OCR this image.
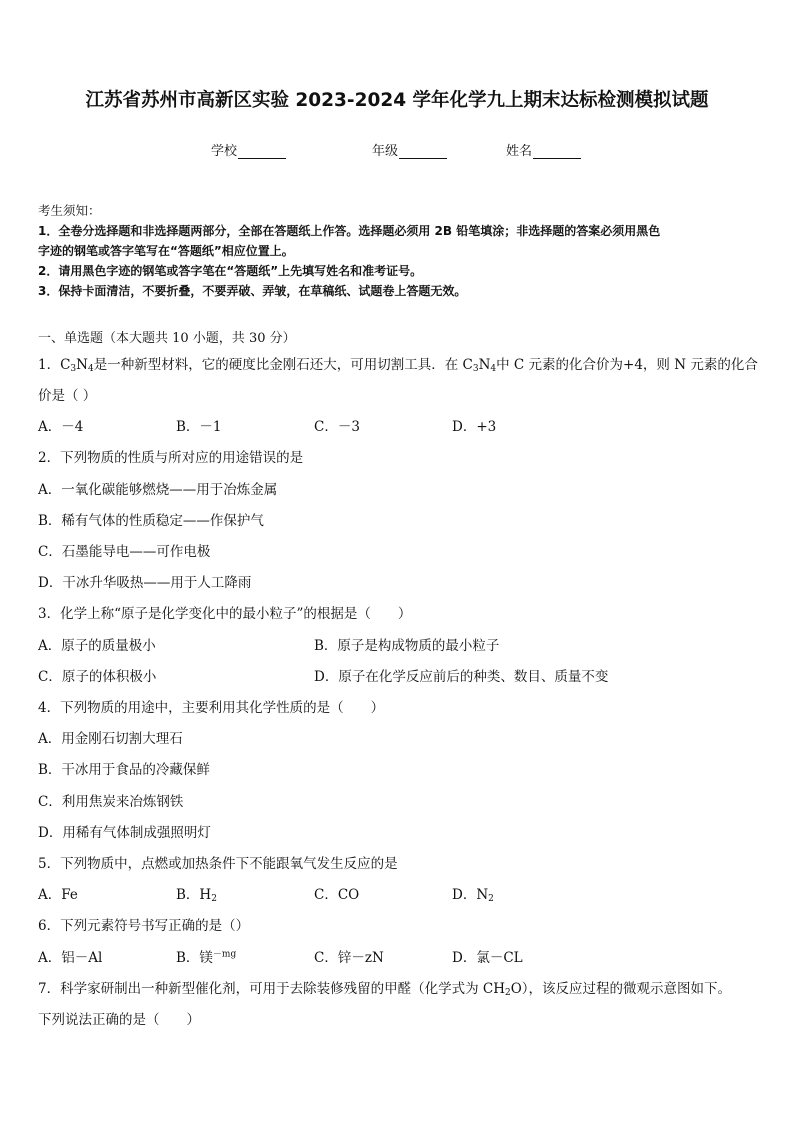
江苏省苏州市高新区实验 2023-2024 学年化学九上期末达标检测模拟试题
学校	年级	姓名
考生须知：
1．全卷分选择题和非选择题两部分，全部在答题纸上作答。选择题必须用 2B 铅笔填涂；非选择题的答案必须用黑色
字迹的钢笔或答字笔写在“答题纸”相应位置上。
2．请用黑色字迹的钢笔或答字笔在“答题纸”上先填写姓名和准考证号。
3．保持卡面清洁，不要折叠，不要弄破、弄皱，在草稿纸、试题卷上答题无效。
一、单选题（本大题共 10 小题，共 30 分）
1．$C_3N_4$是一种新型材料，它的硬度比金刚石还大，可用切割工具．在 $C_3N_4$中 C 元素的化合价为+4，则 N 元素的化合
价是（ ）
A．－4	B．－1	C．－3	D．+3
2．下列物质的性质与所对应的用途错误的是
A．一氧化碳能够燃烧——用于冶炼金属
B．稀有气体的性质稳定——作保护气
C．石墨能导电——可作电极
D．干冰升华吸热——用于人工降雨
3．化学上称“原子是化学变化中的最小粒子”的根据是（　　）
A．原子的质量极小	B．原子是构成物质的最小粒子
C．原子的体积极小	D．原子在化学反应前后的种类、数目、质量不变
4．下列物质的用途中，主要利用其化学性质的是（　　）
A．用金刚石切割大理石
B．干冰用于食品的冷藏保鲜
C．利用焦炭来冶炼钢铁
D．用稀有气体制成强照明灯
5．下列物质中，点燃或加热条件下不能跟氧气发生反应的是
A．Fe	B．$H_2$	C．CO	D．$N_2$
6．下列元素符号书写正确的是（）
A．铝－Al	B．镁$^{-mg}$	C．锌－zN	D．氯－CL
7．科学家研制出一种新型催化剂，可用于去除装修残留的甲醛（化学式为 $CH_2O$），该反应过程的微观示意图如下。
下列说法正确的是（　　）
